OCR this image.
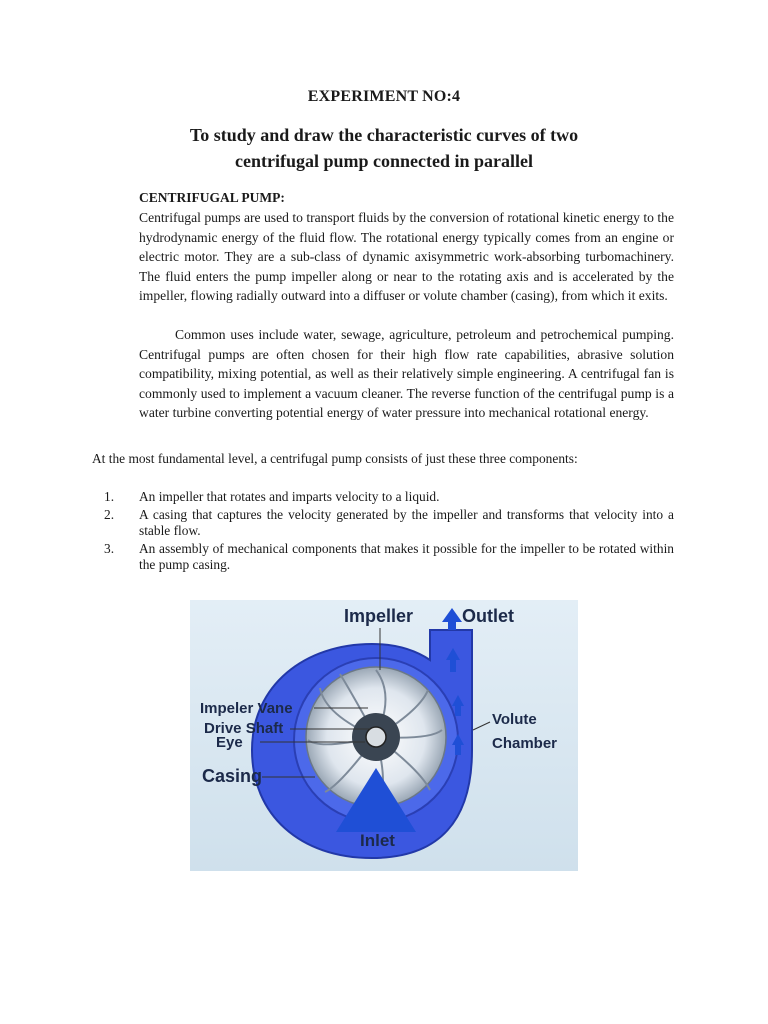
EXPERIMENT NO:4
To study and draw the characteristic curves of two
centrifugal pump connected in parallel
CENTRIFUGAL PUMP:

Centrifugal pumps are used to transport fluids by the conversion of rotational kinetic energy to the hydrodynamic energy of the fluid flow. The rotational energy typically comes from an engine or electric motor. They are a sub-class of dynamic axisymmetric work-absorbing turbomachinery. The fluid enters the pump impeller along or near to the rotating axis and is accelerated by the impeller, flowing radially outward into a diffuser or volute chamber (casing), from which it exits.

Common uses include water, sewage, agriculture, petroleum and petrochemical pumping. Centrifugal pumps are often chosen for their high flow rate capabilities, abrasive solution compatibility, mixing potential, as well as their relatively simple engineering. A centrifugal fan is commonly used to implement a vacuum cleaner. The reverse function of the centrifugal pump is a water turbine converting potential energy of water pressure into mechanical rotational energy.

At the most fundamental level, a centrifugal pump consists of just these three components:

1.	An impeller that rotates and imparts velocity to a liquid.
2.	A casing that captures the velocity generated by the impeller and transforms that velocity into a stable flow.
3.	An assembly of mechanical components that makes it possible for the impeller to be rotated within the pump casing.
Impeller	Outlet
Impeler Vane
Drive Shaft
Eye
Casing
Volute
Chamber
Inlet
